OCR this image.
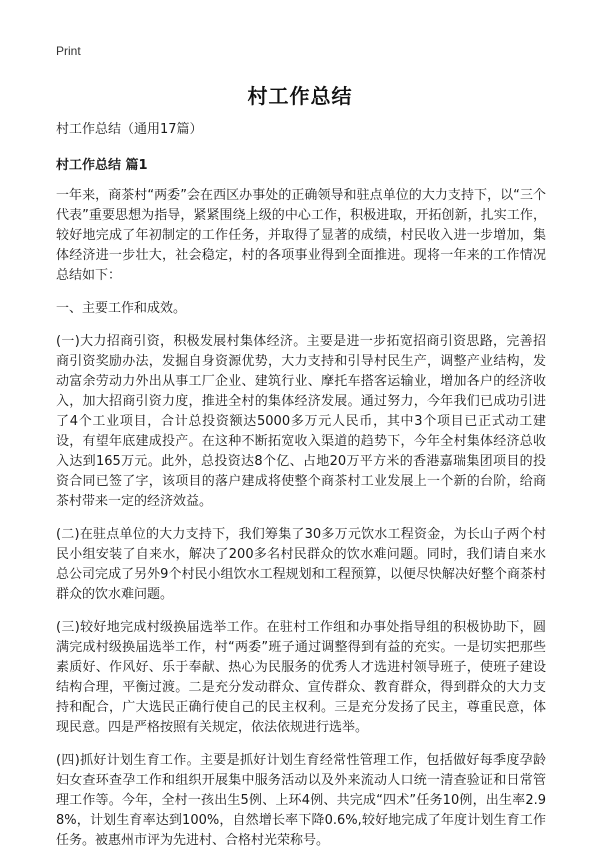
Print
村工作总结
村工作总结（通用17篇）
村工作总结 篇1

一年来，商茶村“两委”会在西区办事处的正确领导和驻点单位的大力支持下，以“三个代表”重要思想为指导，紧紧围绕上级的中心工作，积极进取，开拓创新，扎实工作，较好地完成了年初制定的工作任务，并取得了显著的成绩，村民收入进一步增加，集体经济进一步壮大，社会稳定，村的各项事业得到全面推进。现将一年来的工作情况总结如下：

一、主要工作和成效。

(一)大力招商引资，积极发展村集体经济。主要是进一步拓宽招商引资思路，完善招商引资奖励办法，发掘自身资源优势，大力支持和引导村民生产，调整产业结构，发动富余劳动力外出从事工厂企业、建筑行业、摩托车搭客运输业，增加各户的经济收入，加大招商引资力度，推进全村的集体经济发展。通过努力，今年我们已成功引进了4个工业项目，合计总投资额达5000多万元人民币，其中3个项目已正式动工建设，有望年底建成投产。在这种不断拓宽收入渠道的趋势下，今年全村集体经济总收入达到165万元。此外，总投资达8个亿、占地20万平方米的香港嘉瑞集团项目的投资合同已签了字，该项目的落户建成将使整个商茶村工业发展上一个新的台阶，给商茶村带来一定的经济效益。

(二)在驻点单位的大力支持下，我们筹集了30多万元饮水工程资金，为长山子两个村民小组安装了自来水，解决了200多名村民群众的饮水难问题。同时，我们请自来水总公司完成了另外9个村民小组饮水工程规划和工程预算，以便尽快解决好整个商茶村群众的饮水难问题。

(三)较好地完成村级换届选举工作。在驻村工作组和办事处指导组的积极协助下，圆满完成村级换届选举工作，村“两委”班子通过调整得到有益的充实。一是切实把那些素质好、作风好、乐于奉献、热心为民服务的优秀人才选进村领导班子，使班子建设结构合理，平衡过渡。二是充分发动群众、宣传群众、教育群众，得到群众的大力支持和配合，广大选民正确行使自己的民主权利。三是充分发扬了民主，尊重民意，体现民意。四是严格按照有关规定，依法依规进行选举。

(四)抓好计划生育工作。主要是抓好计划生育经常性管理工作，包括做好每季度孕龄妇女查环查孕工作和组织开展集中服务活动以及外来流动人口统一清查验证和日常管理工作等。今年，全村一孩出生5例、上环4例、共完成“四术”任务10例，出生率2.98%，计划生育率达到100%，自然增长率下降0.6%,较好地完成了年度计划生育工作任务。被惠州市评为先进村、合格村光荣称号。
